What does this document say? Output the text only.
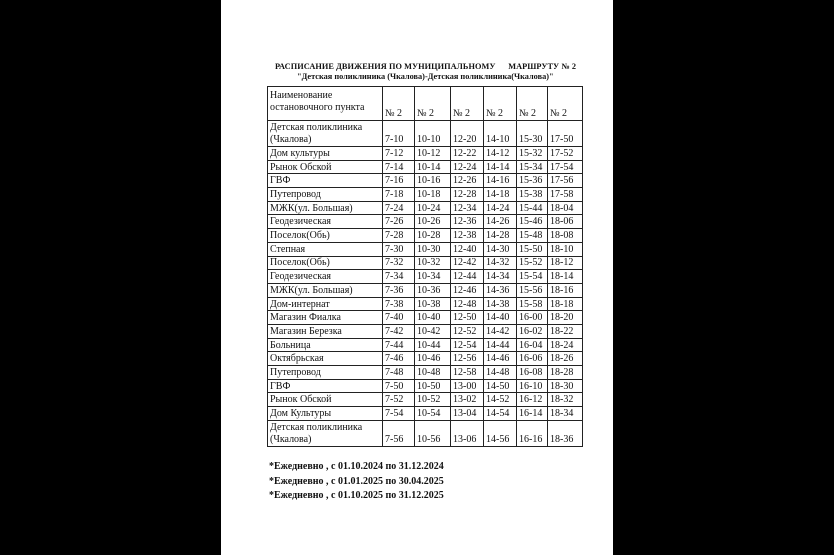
РАСПИСАНИЕ ДВИЖЕНИЯ ПО МУНИЦИПАЛЬНОМУ      МАРШРУТУ № 2
"Детская поликлиника (Чкалова)-Детская поликлиника(Чкалова)"
Наименование остановочного пункта	№ 2	№ 2	№ 2	№ 2	№ 2	№ 2
Детская поликлиника (Чкалова)	7-10	10-10	12-20	14-10	15-30	17-50
Дом культуры	7-12	10-12	12-22	14-12	15-32	17-52
Рынок Обской	7-14	10-14	12-24	14-14	15-34	17-54
ГВФ	7-16	10-16	12-26	14-16	15-36	17-56
Путепровод	7-18	10-18	12-28	14-18	15-38	17-58
МЖК(ул. Большая)	7-24	10-24	12-34	14-24	15-44	18-04
Геодезическая	7-26	10-26	12-36	14-26	15-46	18-06
Поселок(Обь)	7-28	10-28	12-38	14-28	15-48	18-08
Степная	7-30	10-30	12-40	14-30	15-50	18-10
Поселок(Обь)	7-32	10-32	12-42	14-32	15-52	18-12
Геодезическая	7-34	10-34	12-44	14-34	15-54	18-14
МЖК(ул. Большая)	7-36	10-36	12-46	14-36	15-56	18-16
Дом-интернат	7-38	10-38	12-48	14-38	15-58	18-18
Магазин Фиалка	7-40	10-40	12-50	14-40	16-00	18-20
Магазин Березка	7-42	10-42	12-52	14-42	16-02	18-22
Больница	7-44	10-44	12-54	14-44	16-04	18-24
Октябрьская	7-46	10-46	12-56	14-46	16-06	18-26
Путепровод	7-48	10-48	12-58	14-48	16-08	18-28
ГВФ	7-50	10-50	13-00	14-50	16-10	18-30
Рынок Обской	7-52	10-52	13-02	14-52	16-12	18-32
Дом Культуры	7-54	10-54	13-04	14-54	16-14	18-34
Детская поликлиника (Чкалова)	7-56	10-56	13-06	14-56	16-16	18-36
*Ежедневно , с 01.10.2024 по 31.12.2024
*Ежедневно , с 01.01.2025 по 30.04.2025
*Ежедневно , с 01.10.2025 по 31.12.2025
